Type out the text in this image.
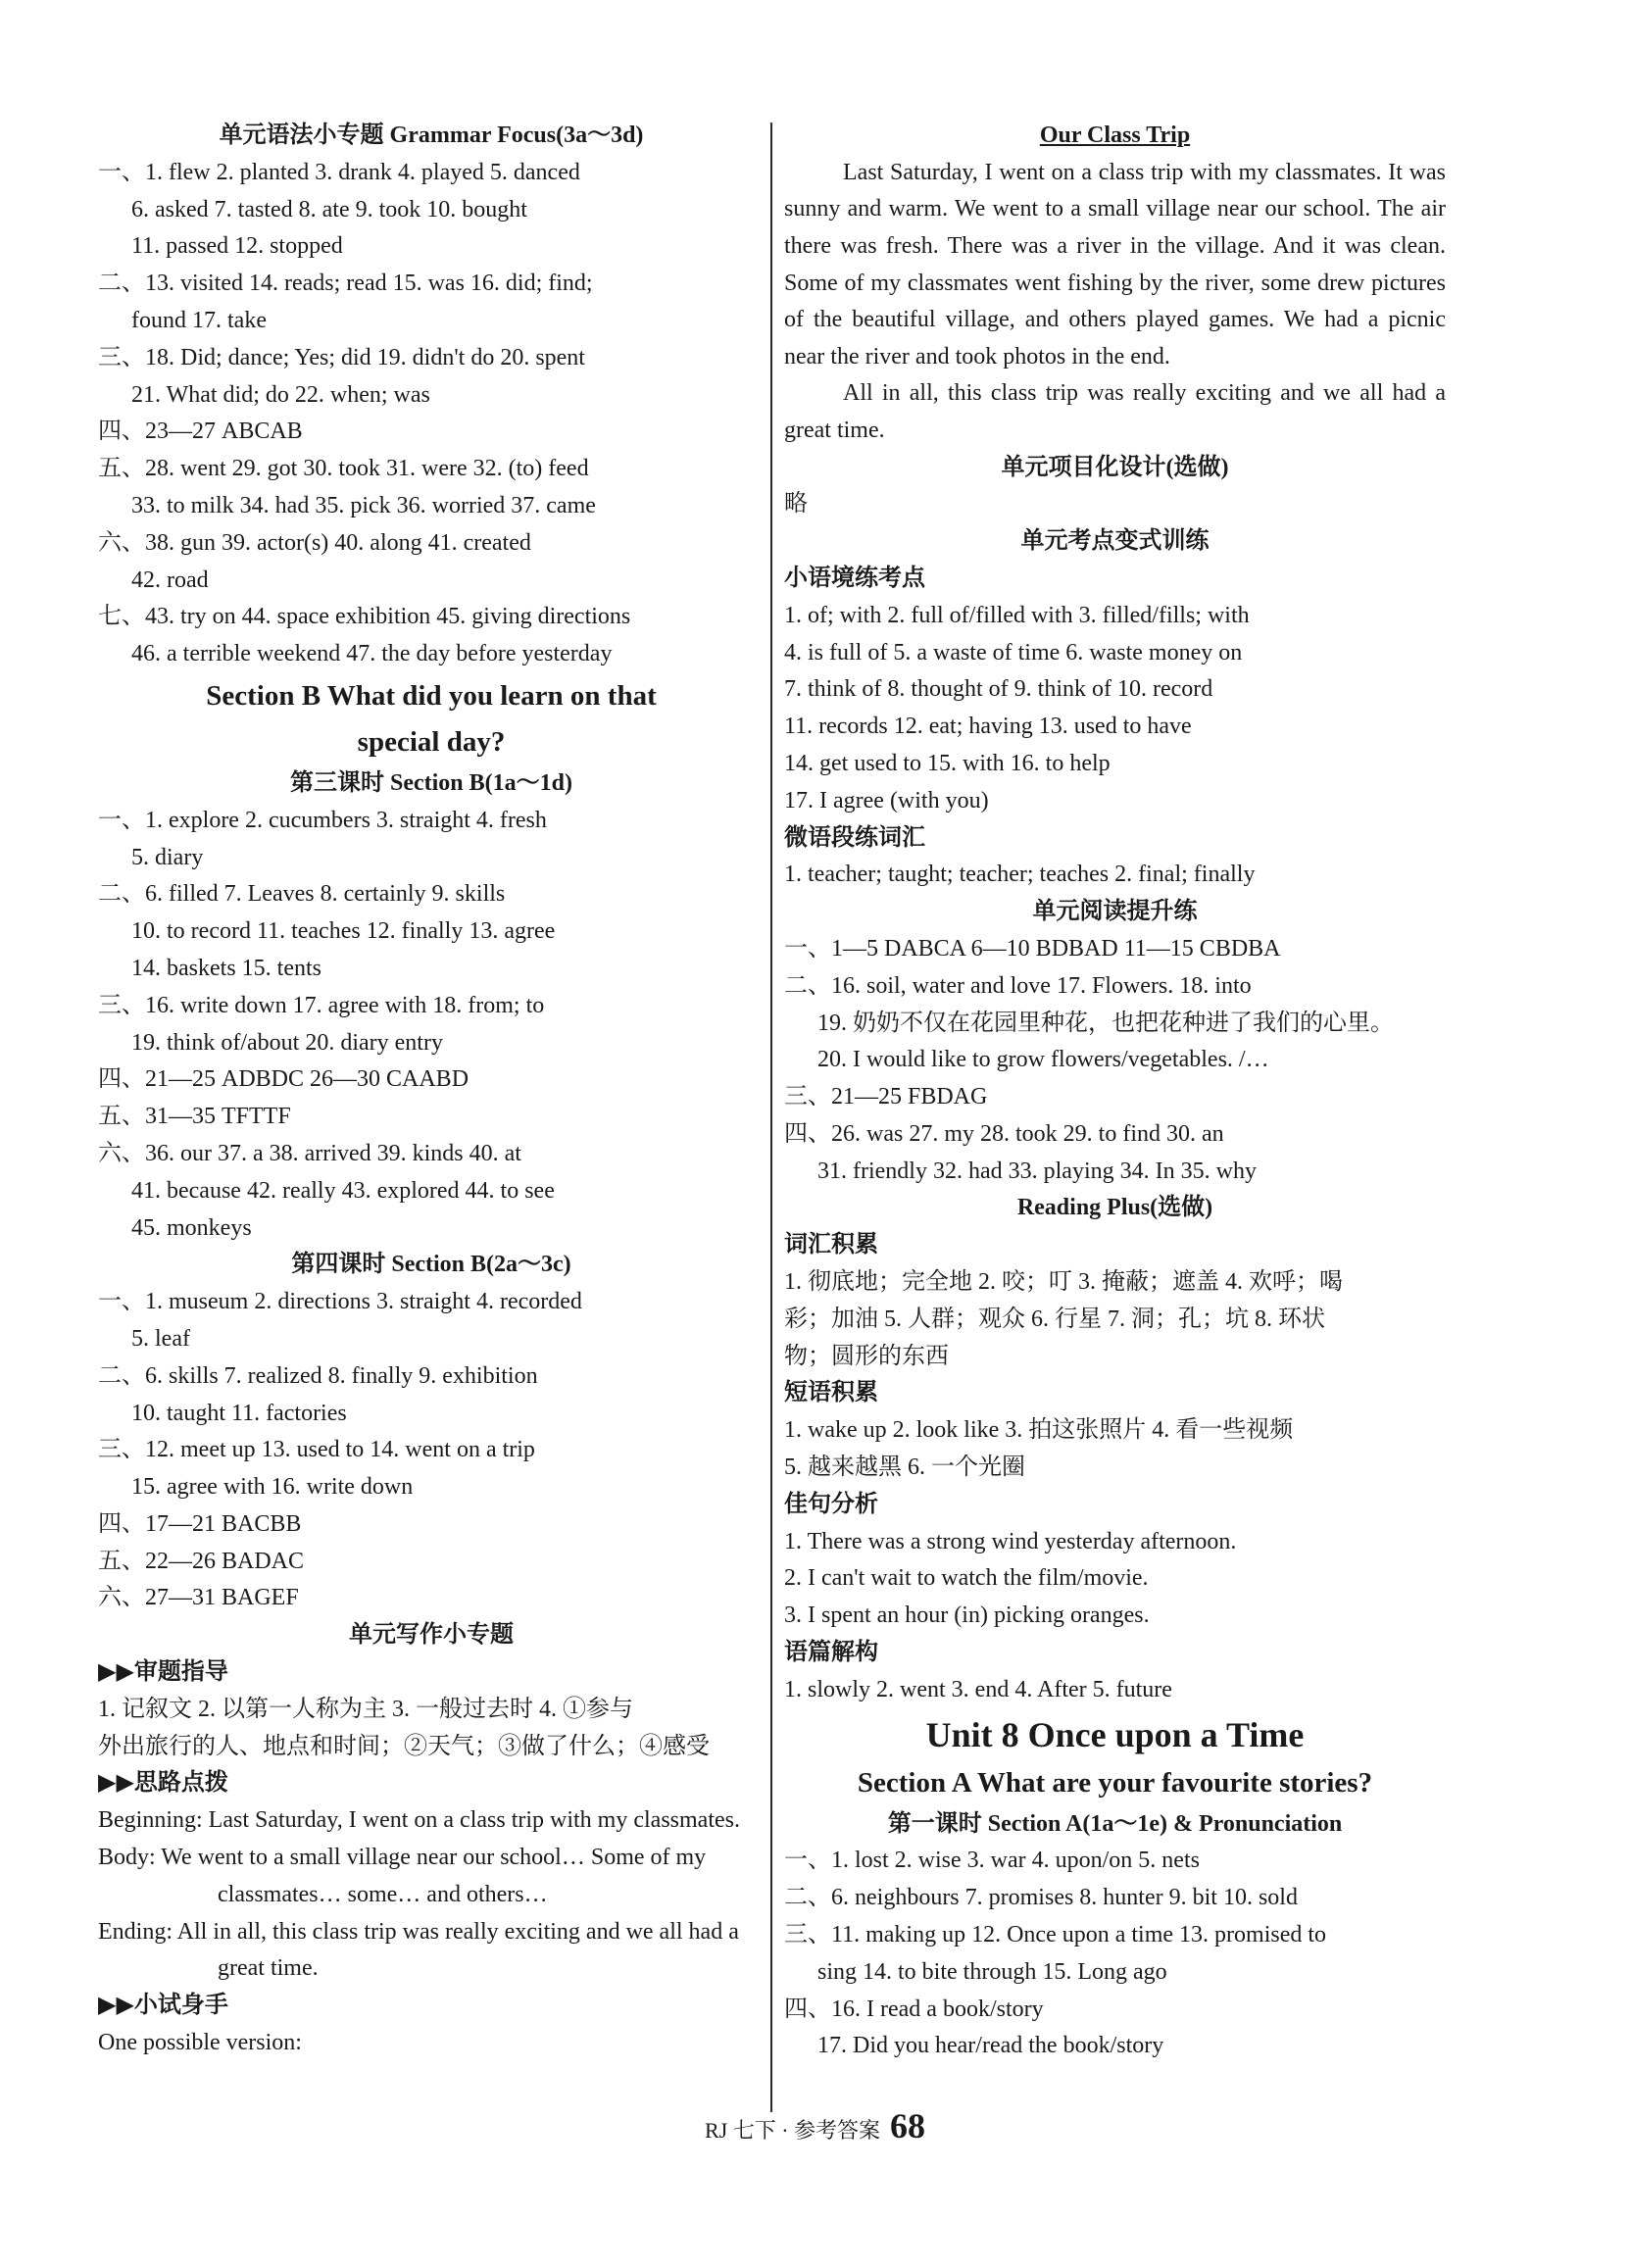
单元语法小专题 Grammar Focus(3a～3d)
一、1. flew 2. planted 3. drank 4. played 5. danced
6. asked 7. tasted 8. ate 9. took 10. bought
11. passed 12. stopped
二、13. visited 14. reads; read 15. was 16. did; find;
found 17. take
三、18. Did; dance; Yes; did 19. didn't do 20. spent
21. What did; do 22. when; was
四、23—27 ABCAB
五、28. went 29. got 30. took 31. were 32. (to) feed
33. to milk 34. had 35. pick 36. worried 37. came
六、38. gun 39. actor(s) 40. along 41. created
42. road
七、43. try on 44. space exhibition 45. giving directions
46. a terrible weekend 47. the day before yesterday
Section B What did you learn on that
special day?
第三课时 Section B(1a～1d)
一、1. explore 2. cucumbers 3. straight 4. fresh
5. diary
二、6. filled 7. Leaves 8. certainly 9. skills
10. to record 11. teaches 12. finally 13. agree
14. baskets 15. tents
三、16. write down 17. agree with 18. from; to
19. think of/about 20. diary entry
四、21—25 ADBDC 26—30 CAABD
五、31—35 TFTTF
六、36. our 37. a 38. arrived 39. kinds 40. at
41. because 42. really 43. explored 44. to see
45. monkeys
第四课时 Section B(2a～3c)
一、1. museum 2. directions 3. straight 4. recorded
5. leaf
二、6. skills 7. realized 8. finally 9. exhibition
10. taught 11. factories
三、12. meet up 13. used to 14. went on a trip
15. agree with 16. write down
四、17—21 BACBB
五、22—26 BADAC
六、27—31 BAGEF
单元写作小专题
▶▶审题指导
1. 记叙文 2. 以第一人称为主 3. 一般过去时 4. ①参与
外出旅行的人、地点和时间；②天气；③做了什么；④感受
▶▶思路点拨
Beginning: Last Saturday, I went on a class trip with my classmates.
Body: We went to a small village near our school… Some of my classmates… some… and others…
Ending: All in all, this class trip was really exciting and we all had a great time.
▶▶小试身手
One possible version:
Our Class Trip
Last Saturday, I went on a class trip with my classmates. It was sunny and warm. We went to a small village near our school. The air there was fresh. There was a river in the village. And it was clean. Some of my classmates went fishing by the river, some drew pictures of the beautiful village, and others played games. We had a picnic near the river and took photos in the end.
All in all, this class trip was really exciting and we all had a great time.
单元项目化设计(选做)
略
单元考点变式训练
小语境练考点
1. of; with 2. full of/filled with 3. filled/fills; with
4. is full of 5. a waste of time 6. waste money on
7. think of 8. thought of 9. think of 10. record
11. records 12. eat; having 13. used to have
14. get used to 15. with 16. to help
17. I agree (with you)
微语段练词汇
1. teacher; taught; teacher; teaches 2. final; finally
单元阅读提升练
一、1—5 DABCA 6—10 BDBAD 11—15 CBDBA
二、16. soil, water and love 17. Flowers. 18. into
19. 奶奶不仅在花园里种花，也把花种进了我们的心里。
20. I would like to grow flowers/vegetables. /…
三、21—25 FBDAG
四、26. was 27. my 28. took 29. to find 30. an
31. friendly 32. had 33. playing 34. In 35. why
Reading Plus(选做)
词汇积累
1. 彻底地；完全地 2. 咬；叮 3. 掩蔽；遮盖 4. 欢呼；喝
彩；加油 5. 人群；观众 6. 行星 7. 洞；孔；坑 8. 环状
物；圆形的东西
短语积累
1. wake up 2. look like 3. 拍这张照片 4. 看一些视频
5. 越来越黑 6. 一个光圈
佳句分析
1. There was a strong wind yesterday afternoon.
2. I can't wait to watch the film/movie.
3. I spent an hour (in) picking oranges.
语篇解构
1. slowly 2. went 3. end 4. After 5. future
Unit 8 Once upon a Time
Section A What are your favourite stories?
第一课时 Section A(1a～1e) & Pronunciation
一、1. lost 2. wise 3. war 4. upon/on 5. nets
二、6. neighbours 7. promises 8. hunter 9. bit 10. sold
三、11. making up 12. Once upon a time 13. promised to
sing 14. to bite through 15. Long ago
四、16. I read a book/story
17. Did you hear/read the book/story
RJ 七下 · 参考答案 68
